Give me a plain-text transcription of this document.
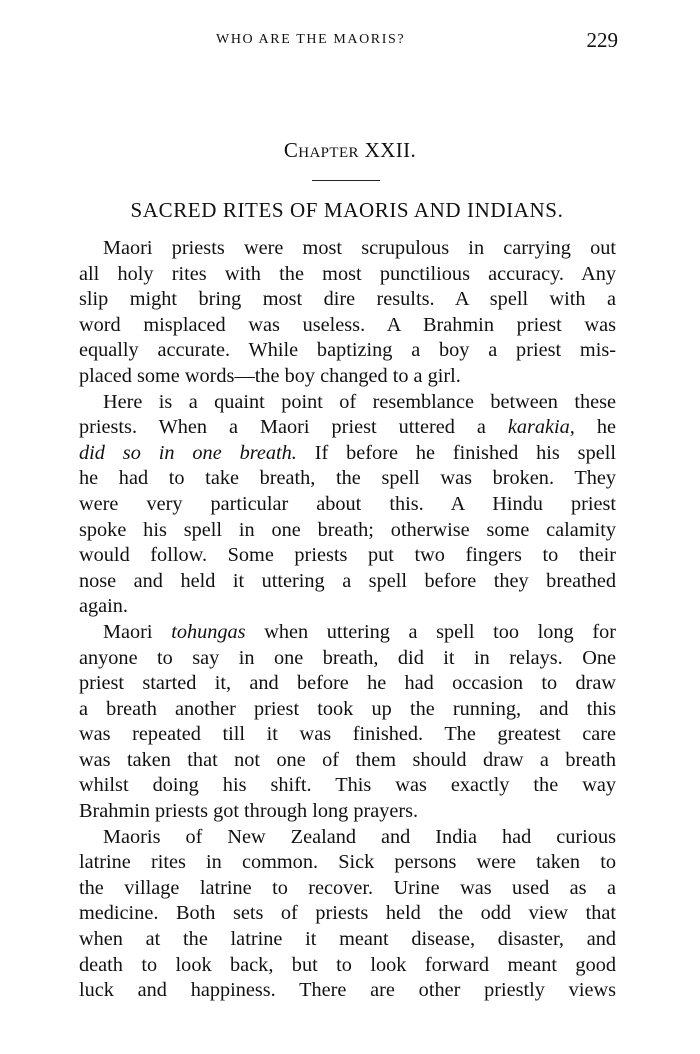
WHO ARE THE MAORIS?	229
Chapter XXII.
SACRED RITES OF MAORIS AND INDIANS.
Maori priests were most scrupulous in carrying out
all holy rites with the most punctilious accuracy. Any
slip might bring most dire results. A spell with a
word misplaced was useless. A Brahmin priest was
equally accurate. While baptizing a boy a priest mis-
placed some words—the boy changed to a girl.
Here is a quaint point of resemblance between these
priests. When a Maori priest uttered a karakia, he
did so in one breath. If before he finished his spell
he had to take breath, the spell was broken. They
were very particular about this. A Hindu priest
spoke his spell in one breath; otherwise some calamity
would follow. Some priests put two fingers to their
nose and held it uttering a spell before they breathed
again.
Maori tohungas when uttering a spell too long for
anyone to say in one breath, did it in relays. One
priest started it, and before he had occasion to draw
a breath another priest took up the running, and this
was repeated till it was finished. The greatest care
was taken that not one of them should draw a breath
whilst doing his shift. This was exactly the way
Brahmin priests got through long prayers.
Maoris of New Zealand and India had curious
latrine rites in common. Sick persons were taken to
the village latrine to recover. Urine was used as a
medicine. Both sets of priests held the odd view that
when at the latrine it meant disease, disaster, and
death to look back, but to look forward meant good
luck and happiness. There are other priestly views
